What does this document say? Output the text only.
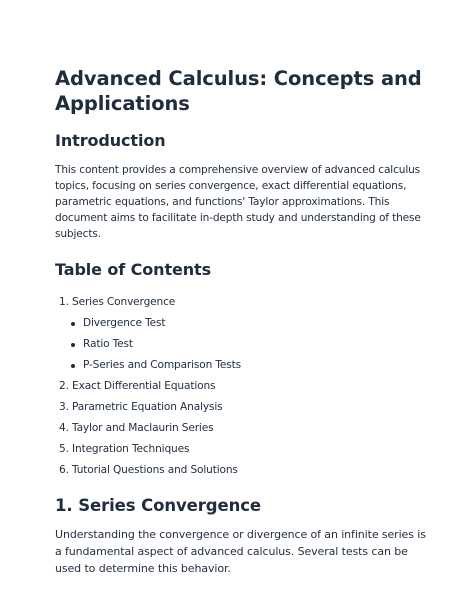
Advanced Calculus: Concepts and Applications
Introduction

This content provides a comprehensive overview of advanced calculus topics, focusing on series convergence, exact differential equations, parametric equations, and functions' Taylor approximations. This document aims to facilitate in-depth study and understanding of these subjects.

Table of Contents
1. Series Convergence
Divergence Test
Ratio Test
P-Series and Comparison Tests
2. Exact Differential Equations
3. Parametric Equation Analysis
4. Taylor and Maclaurin Series
5. Integration Techniques
6. Tutorial Questions and Solutions
1. Series Convergence

Understanding the convergence or divergence of an infinite series is a fundamental aspect of advanced calculus. Several tests can be used to determine this behavior.
